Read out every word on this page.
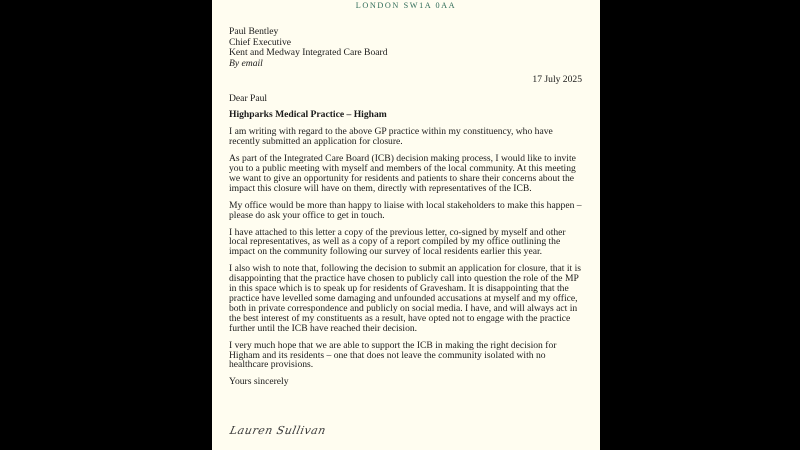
LONDON SW1A 0AA
Paul Bentley
Chief Executive
Kent and Medway Integrated Care Board
By email
17 July 2025

Dear Paul

Highparks Medical Practice – Higham

I am writing with regard to the above GP practice within my constituency, who have recently submitted an application for closure.

As part of the Integrated Care Board (ICB) decision making process, I would like to invite you to a public meeting with myself and members of the local community. At this meeting we want to give an opportunity for residents and patients to share their concerns about the impact this closure will have on them, directly with representatives of the ICB.

My office would be more than happy to liaise with local stakeholders to make this happen – please do ask your office to get in touch.

I have attached to this letter a copy of the previous letter, co-signed by myself and other local representatives, as well as a copy of a report compiled by my office outlining the impact on the community following our survey of local residents earlier this year.

I also wish to note that, following the decision to submit an application for closure, that it is disappointing that the practice have chosen to publicly call into question the role of the MP in this space which is to speak up for residents of Gravesham. It is disappointing that the practice have levelled some damaging and unfounded accusations at myself and my office, both in private correspondence and publicly on social media. I have, and will always act in the best interest of my constituents as a result, have opted not to engage with the practice further until the ICB have reached their decision.

I very much hope that we are able to support the ICB in making the right decision for Higham and its residents – one that does not leave the community isolated with no healthcare provisions.

Yours sincerely

Lauren Sullivan
